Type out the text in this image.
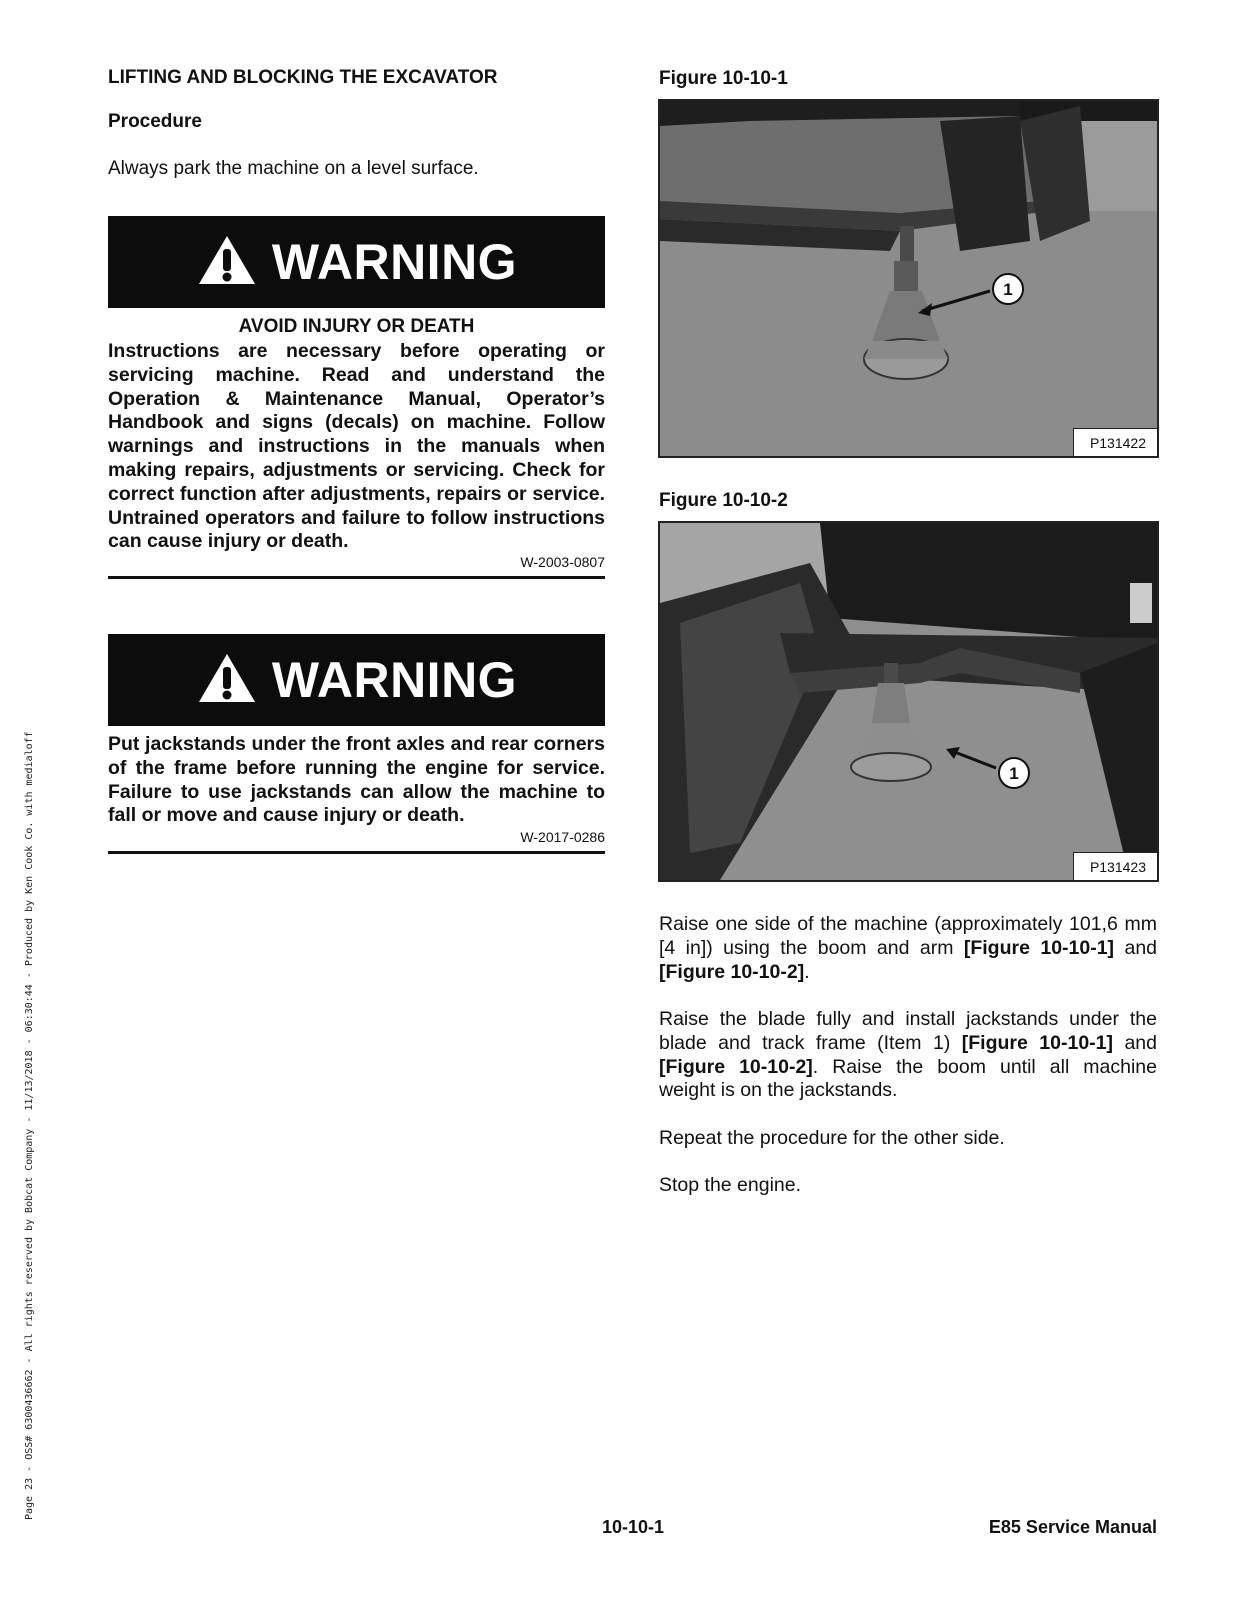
LIFTING AND BLOCKING THE EXCAVATOR
Procedure
Always park the machine on a level surface.
WARNING
AVOID INJURY OR DEATH
Instructions are necessary before operating or servicing machine. Read and understand the Operation & Maintenance Manual, Operator’s Handbook and signs (decals) on machine. Follow warnings and instructions in the manuals when making repairs, adjustments or servicing. Check for correct function after adjustments, repairs or service. Untrained operators and failure to follow instructions can cause injury or death.
W-2003-0807
WARNING
Put jackstands under the front axles and rear corners of the frame before running the engine for service. Failure to use jackstands can allow the machine to fall or move and cause injury or death.
W-2017-0286
Figure 10-10-1
1
P131422
Figure 10-10-2
1
P131423
Raise one side of the machine (approximately 101,6 mm [4 in]) using the boom and arm [Figure 10-10-1] and [Figure 10-10-2].
Raise the blade fully and install jackstands under the blade and track frame (Item 1) [Figure 10-10-1] and [Figure 10-10-2]. Raise the boom until all machine weight is on the jackstands.
Repeat the procedure for the other side.
Stop the engine.
Page 23 - OSS# 6300436662 - All rights reserved by Bobcat Company - 11/13/2018 - 06:30:44 - Produced by Ken Cook Co. with medialoff
10-10-1	E85 Service Manual
